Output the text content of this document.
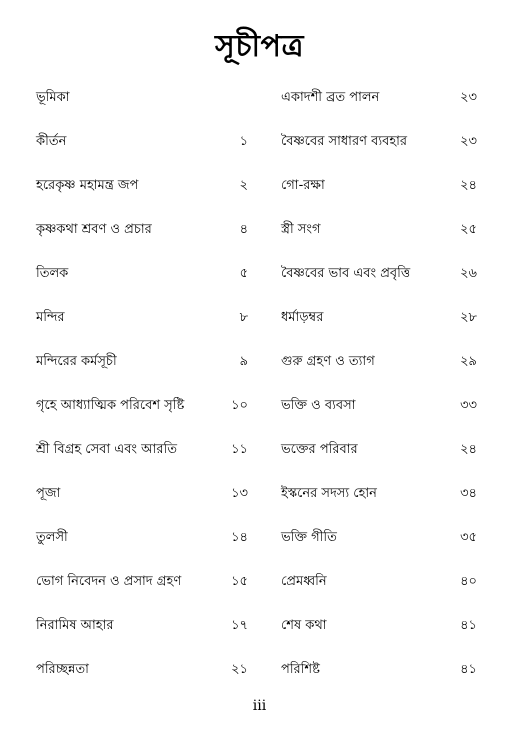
সূচীপত্র
ভূমিকা
কীর্তন	১
হরেকৃষ্ণ মহামন্ত্র জপ	২
কৃষ্ণকথা শ্রবণ ও প্রচার	৪
তিলক	৫
মন্দির	৮
মন্দিরের কর্মসূচী	৯
গৃহে আধ্যাত্মিক পরিবেশ সৃষ্টি	১০
শ্রী বিগ্রহ সেবা এবং আরতি	১১
পূজা	১৩
তুলসী	১৪
ভোগ নিবেদন ও প্রসাদ গ্রহণ	১৫
নিরামিষ আহার	১৭
পরিচ্ছন্নতা	২১
একাদশী ব্রত পালন	২৩
বৈষ্ণবের সাধারণ ব্যবহার	২৩
গো-রক্ষা	২৪
স্ত্রী সংগ	২৫
বৈষ্ণবের ভাব এবং প্রবৃত্তি	২৬
ধর্মাড়ম্বর	২৮
গুরু গ্রহণ ও ত্যাগ	২৯
ভক্তি ও ব্যবসা	৩৩
ভক্তের পরিবার	২৪
ইস্কনের সদস্য হোন	৩৪
ভক্তি গীতি	৩৫
প্রেমধ্বনি	৪০
শেষ কথা	৪১
পরিশিষ্ট	৪১
iii
